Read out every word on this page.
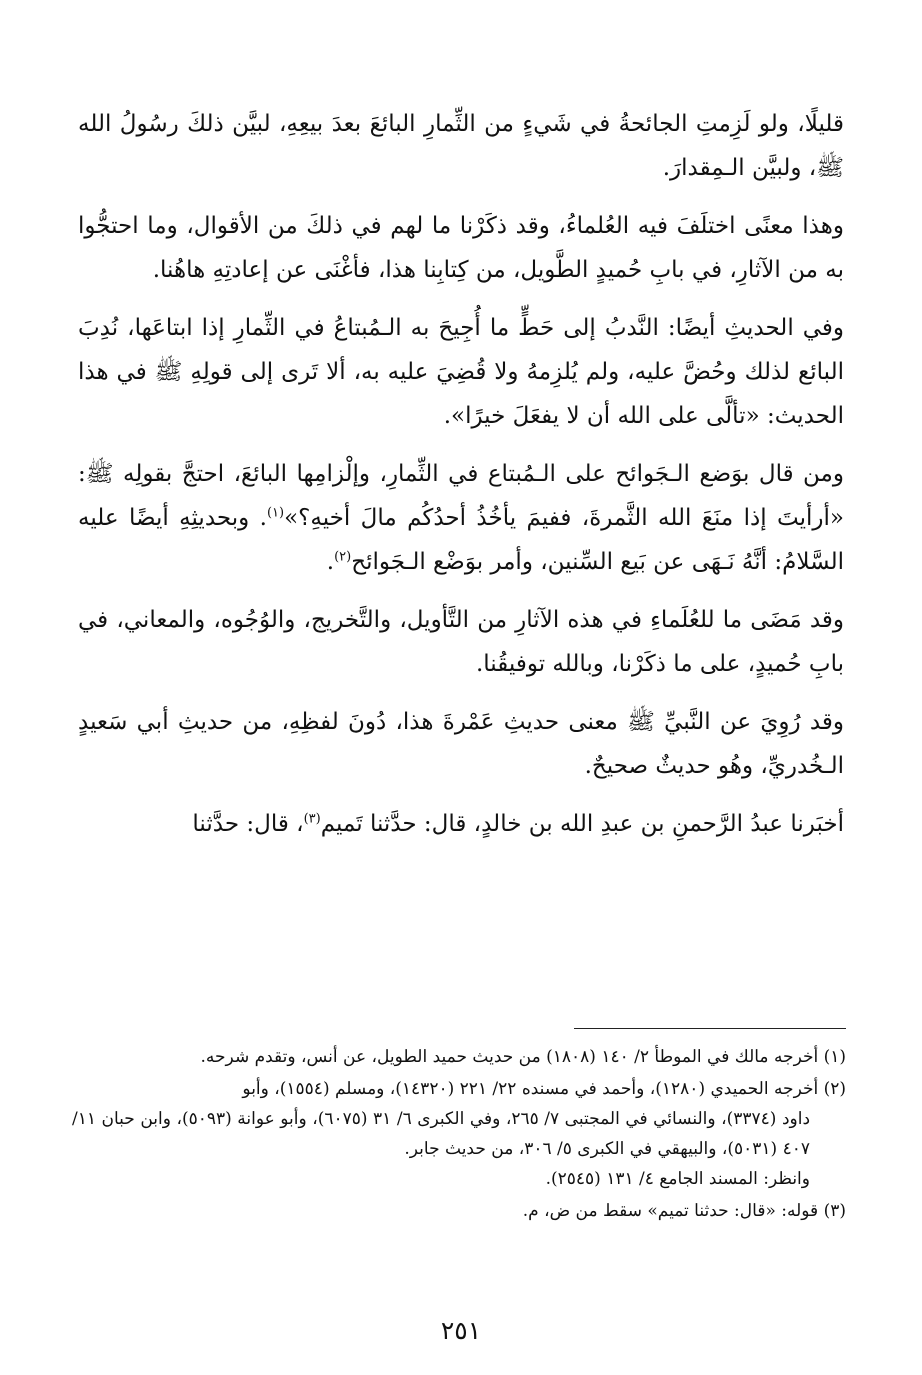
قليلًا، ولو لَزِمتِ الجائحةُ في شَيءٍ من الثِّمارِ البائعَ بعدَ بيعِهِ، لبيَّن ذلكَ رسُولُ الله ﷺ، ولبيَّن الـمِقدارَ.

وهذا معنًى اختلَفَ فيه العُلماءُ، وقد ذكَرْنا ما لهم في ذلكَ من الأقوال، وما احتجُّوا به من الآثارِ، في بابِ حُميدٍ الطَّويل، من كِتابِنا هذا، فأغْنَى عن إعادتِهِ هاهُنا.

وفي الحديثِ أيضًا: النَّدبُ إلى حَطٍّ ما أُجِيحَ به الـمُبتاعُ في الثِّمارِ إذا ابتاعَها، نُدِبَ البائع لذلك وحُضَّ عليه، ولم يُلزِمهُ ولا قُضِيَ عليه به، ألا تَرى إلى قولِهِ ﷺ في هذا الحديث: «تألَّى على الله أن لا يفعَلَ خيرًا».

ومن قال بوَضع الـجَوائح على الـمُبتاع في الثِّمارِ، وإلْزامِها البائعَ، احتجَّ بقولِه ﷺ: «أرأيتَ إذا منَعَ الله الثَّمرةَ، ففيمَ يأخُذُ أحدُكُم مالَ أخيهِ؟»$^{(١)}$. وبحديثِهِ أيضًا عليه السَّلامُ: أنَّهُ نَـهَى عن بَيع السِّنين، وأمر بوَضْع الـجَوائح$^{(٢)}$.

وقد مَضَى ما للعُلَماءِ في هذه الآثارِ من التَّأويل، والتَّخريج، والوُجُوه، والمعاني، في بابِ حُميدٍ، على ما ذكَرْنا، وبالله توفيقُنا.

وقد رُوِيَ عن النَّبيِّ ﷺ معنى حديثِ عَمْرةَ هذا، دُونَ لفظِهِ، من حديثِ أبي سَعيدٍ الـخُدريِّ، وهُو حديثٌ صحيحٌ.

أخبَرنا عبدُ الرَّحمنِ بن عبدِ الله بن خالدٍ، قال: حدَّثنا تَميم$^{(٣)}$، قال: حدَّثنا

(١) أخرجه مالك في الموطأ ٢/ ١٤٠ (١٨٠٨) من حديث حميد الطويل، عن أنس، وتقدم شرحه.

(٢) أخرجه الحميدي (١٢٨٠)، وأحمد في مسنده ٢٢/ ٢٢١ (١٤٣٢٠)، ومسلم (١٥٥٤)، وأبو

داود (٣٣٧٤)، والنسائي في المجتبى ٧/ ٢٦٥، وفي الكبرى ٦/ ٣١ (٦٠٧٥)، وأبو عوانة (٥٠٩٣)، وابن حبان ١١/ ٤٠٧ (٥٠٣١)، والبيهقي في الكبرى ٥/ ٣٠٦، من حديث جابر.

وانظر: المسند الجامع ٤/ ١٣١ (٢٥٤٥).

(٣) قوله: «قال: حدثنا تميم» سقط من ض، م.

٢٥١
